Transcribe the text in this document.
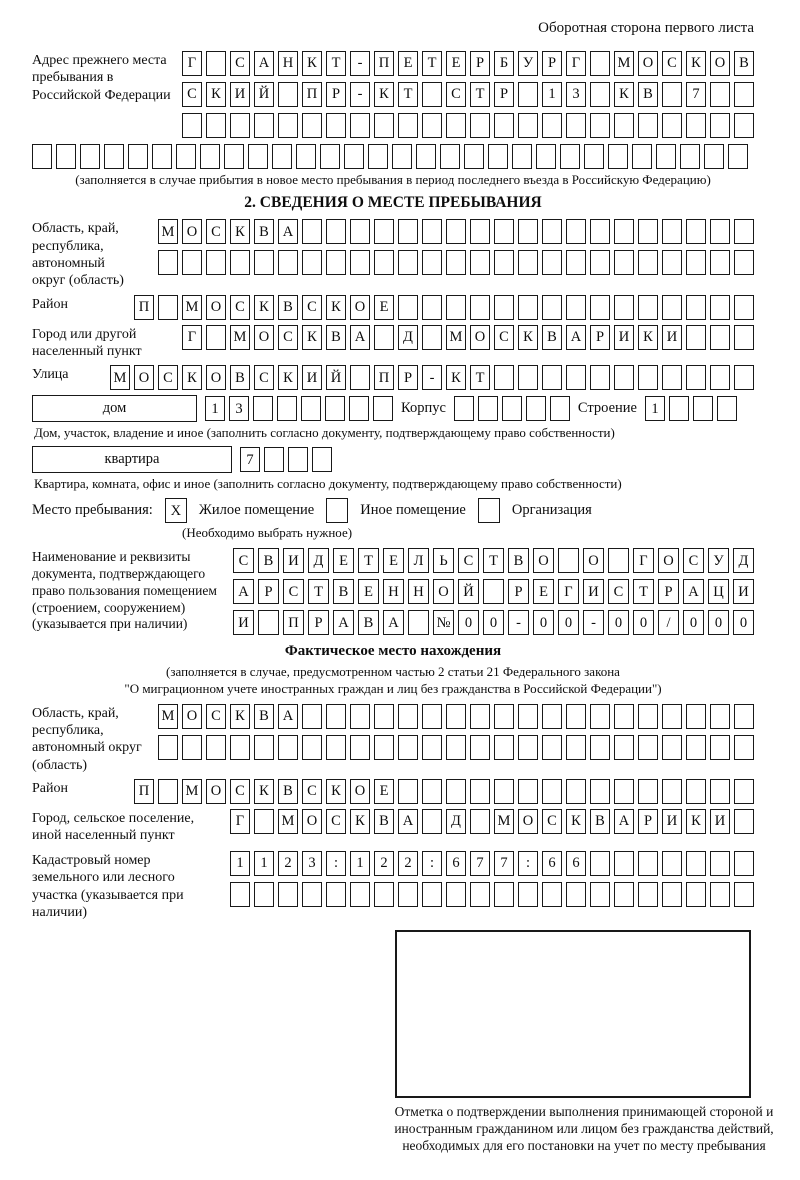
Оборотная сторона первого листа
Адрес прежнего места пребывания в Российской Федерации
Г	С А Н К	Т	-	П Е	Т	Е	Р	Б	У	Р	Г	М О С К О В
С К И Й	П	Р	-	К	Т	С	Т	Р	1	3	К В	7
(заполняется в случае прибытия в новое место пребывания в период последнего въезда в Российскую Федерацию)
2. СВЕДЕНИЯ О МЕСТЕ ПРЕБЫВАНИЯ
Область, край, республика, автономный округ (область)
М О С К В А
Район	П	М О С К В С К О Е
Город или другой населенный пункт
Г	М О С К В А	Д	М О С К В А	Р	И К И
Улица	М О С К О В С К И Й	П	Р	-	К	Т
дом	1	3	Корпус	Строение 1
Дом, участок, владение и иное (заполнить согласно документу, подтверждающему право собственности)
квартира	7
Квартира, комната, офис и иное (заполнить согласно документу, подтверждающему право собственности)
Место пребывания:	X	Жилое помещение	Иное помещение	Организация
(Необходимо выбрать нужное)
Наименование и реквизиты документа, подтверждающего право пользования помещением (строением, сооружением) (указывается при наличии)
С	В	И	Д	Е	Т	Е	Л	Ь	С	Т	В	О	О	Г	О	С	У	Д
А	Р	С	Т	В	Е	Н	Н	О	Й	Р	Е	Г	И	С	Т	Р	А	Ц	И
И	П	Р	А	В	А	№ 0	0	-	0	0	-	0	0	/	0	0	0
Фактическое место нахождения
(заполняется в случае, предусмотренном частью 2 статьи 21 Федерального закона
"О миграционном учете иностранных граждан и лиц без гражданства в Российской Федерации")
Область, край, республика, автономный округ (область)
М О С К В А
Район	П	М О С К В С К О Е
Город, сельское поселение, иной населенный пункт
Г	М О С К В А	Д	М О С К В А	Р	И К И
Кадастровый номер земельного или лесного участка (указывается при наличии)
1	1	2	3	:	1	2	2	:	6	7	7	:	6	6
Отметка о подтверждении выполнения принимающей стороной и иностранным гражданином или лицом без гражданства действий, необходимых для его постановки на учет по месту пребывания
